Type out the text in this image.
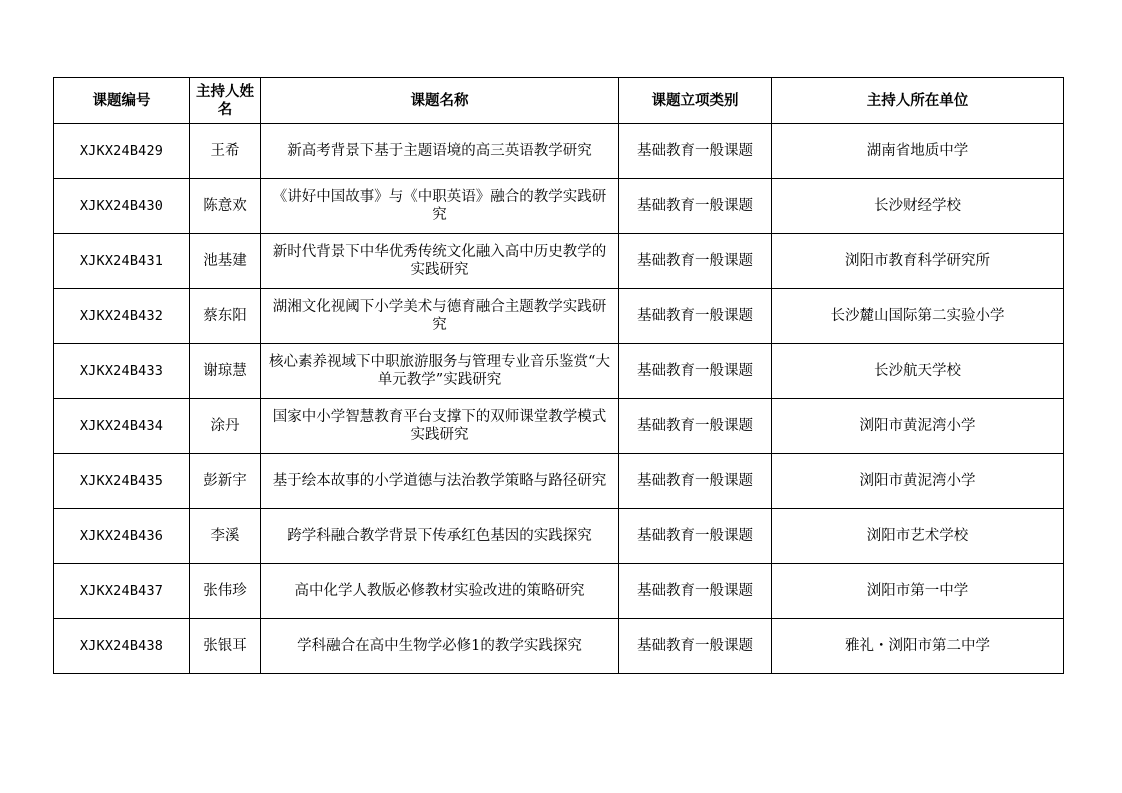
课题编号	主持人姓名	课题名称	课题立项类别	主持人所在单位
XJKX24B429	王希	新高考背景下基于主题语境的高三英语教学研究	基础教育一般课题	湖南省地质中学
XJKX24B430	陈意欢	《讲好中国故事》与《中职英语》融合的教学实践研究	基础教育一般课题	长沙财经学校
XJKX24B431	池基建	新时代背景下中华优秀传统文化融入高中历史教学的实践研究	基础教育一般课题	浏阳市教育科学研究所
XJKX24B432	蔡东阳	湖湘文化视阈下小学美术与德育融合主题教学实践研究	基础教育一般课题	长沙麓山国际第二实验小学
XJKX24B433	谢琼慧	核心素养视域下中职旅游服务与管理专业音乐鉴赏“大单元教学”实践研究	基础教育一般课题	长沙航天学校
XJKX24B434	涂丹	国家中小学智慧教育平台支撑下的双师课堂教学模式实践研究	基础教育一般课题	浏阳市黄泥湾小学
XJKX24B435	彭新宇	基于绘本故事的小学道德与法治教学策略与路径研究	基础教育一般课题	浏阳市黄泥湾小学
XJKX24B436	李溪	跨学科融合教学背景下传承红色基因的实践探究	基础教育一般课题	浏阳市艺术学校
XJKX24B437	张伟珍	高中化学人教版必修教材实验改进的策略研究	基础教育一般课题	浏阳市第一中学
XJKX24B438	张银耳	学科融合在高中生物学必修1的教学实践探究	基础教育一般课题	雅礼・浏阳市第二中学
